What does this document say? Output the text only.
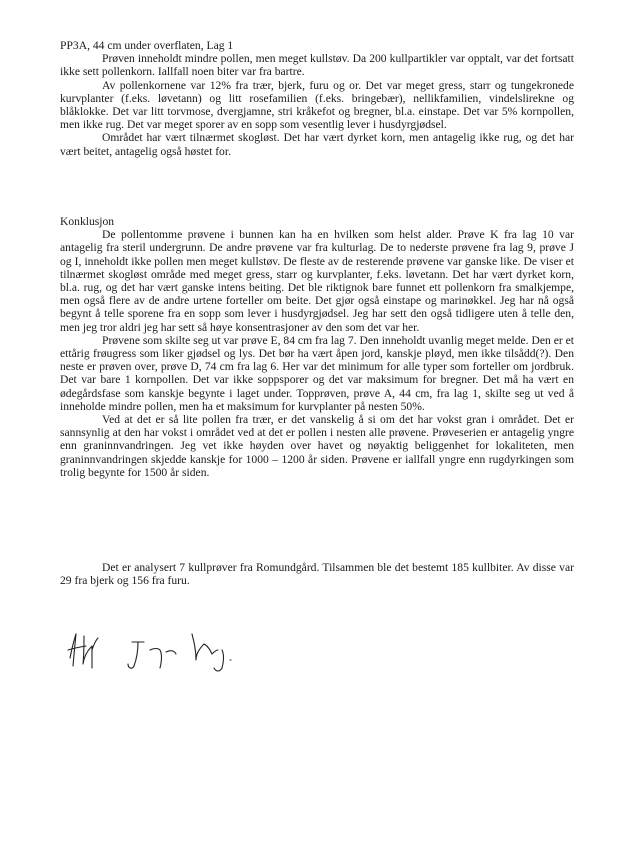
PP3A, 44 cm under overflaten, Lag 1

Prøven inneholdt mindre pollen, men meget kullstøv. Da 200 kullpartikler var opptalt, var det fortsatt ikke sett pollenkorn. Iallfall noen biter var fra bartre.

Av pollenkornene var 12% fra trær, bjerk, furu og or. Det var meget gress, starr og tungekronede kurvplanter (f.eks. løvetann) og litt rosefamilien (f.eks. bringebær), nellikfamilien, vindelslirekne og blåklokke. Det var litt torvmose, dvergjamne, stri kråkefot og bregner, bl.a. einstape. Det var 5% kornpollen, men ikke rug. Det var meget sporer av en sopp som vesentlig lever i husdyrgjødsel.

Området har vært tilnærmet skogløst. Det har vært dyrket korn, men antagelig ikke rug, og det har vært beitet, antagelig også høstet for.

Konklusjon

De pollentomme prøvene i bunnen kan ha en hvilken som helst alder. Prøve K fra lag 10 var antagelig fra steril undergrunn. De andre prøvene var fra kulturlag. De to nederste prøvene fra lag 9, prøve J og I, inneholdt ikke pollen men meget kullstøv. De fleste av de resterende prøvene var ganske like. De viser et tilnærmet skogløst område med meget gress, starr og kurvplanter, f.eks. løvetann. Det har vært dyrket korn, bl.a. rug, og det har vært ganske intens beiting. Det ble riktignok bare funnet ett pollenkorn fra smalkjempe, men også flere av de andre urtene forteller om beite. Det gjør også einstape og marinøkkel. Jeg har nå også begynt å telle sporene fra en sopp som lever i husdyrgjødsel. Jeg har sett den også tidligere uten å telle den, men jeg tror aldri jeg har sett så høye konsentrasjoner av den som det var her.

Prøvene som skilte seg ut var prøve E, 84 cm fra lag 7. Den inneholdt uvanlig meget melde. Den er et ettårig frøugress som liker gjødsel og lys. Det bør ha vært åpen jord, kanskje pløyd, men ikke tilsådd(?). Den neste er prøven over, prøve D, 74 cm fra lag 6. Her var det minimum for alle typer som forteller om jordbruk. Det var bare 1 kornpollen. Det var ikke soppsporer og det var maksimum for bregner. Det må ha vært en ødegårdsfase som kanskje begynte i laget under. Topprøven, prøve A, 44 cm, fra lag 1, skilte seg ut ved å inneholde mindre pollen, men ha et maksimum for kurvplanter på nesten 50%.

Ved at det er så lite pollen fra trær, er det vanskelig å si om det har vokst gran i området. Det er sannsynlig at den har vokst i området ved at det er pollen i nesten alle prøvene. Prøveserien er antagelig yngre enn graninnvandringen. Jeg vet ikke høyden over havet og nøyaktig beliggenhet for lokaliteten, men graninnvandringen skjedde kanskje for 1000 – 1200 år siden. Prøvene er iallfall yngre enn rugdyrkingen som trolig begynte for 1500 år siden.

Det er analysert 7 kullprøver fra Romundgård. Tilsammen ble det bestemt 185 kullbiter. Av disse var 29 fra bjerk og 156 fra furu.
